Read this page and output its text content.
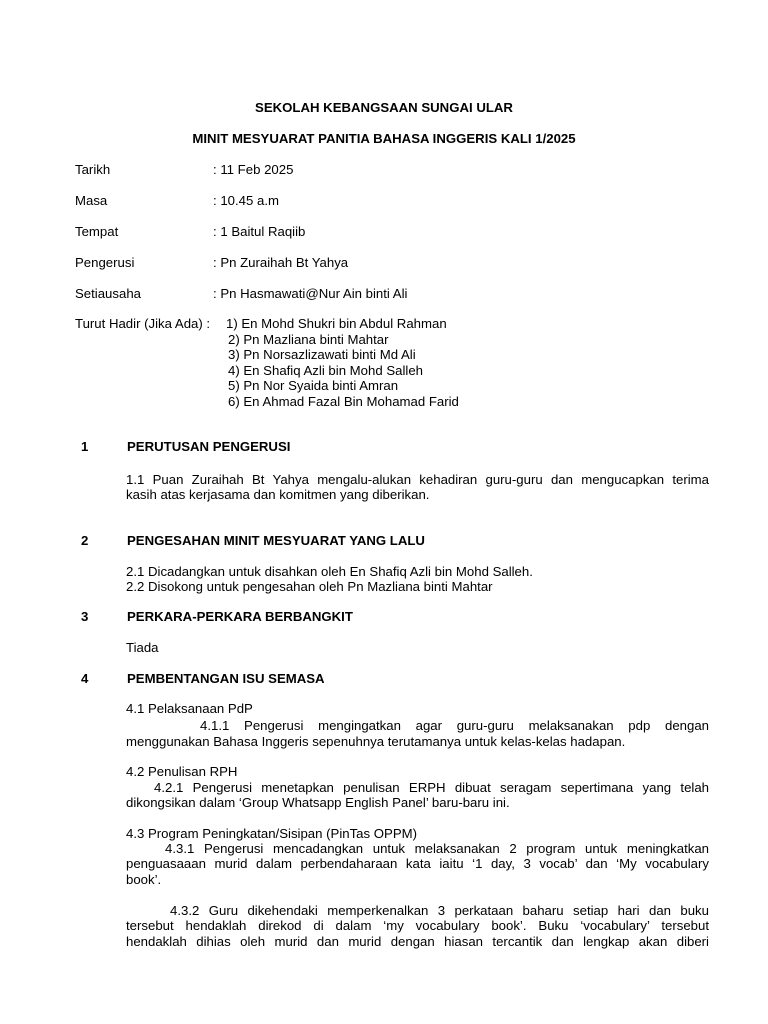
SEKOLAH KEBANGSAAN SUNGAI ULAR
MINIT MESYUARAT PANITIA BAHASA INGGERIS KALI 1/2025
Tarikh	: 11 Feb 2025
Masa	: 10.45 a.m
Tempat	: 1 Baitul Raqiib
Pengerusi	: Pn Zuraihah Bt Yahya
Setiausaha	: Pn Hasmawati@Nur Ain binti Ali
Turut Hadir (Jika Ada) : 1) En Mohd Shukri bin Abdul Rahman
2) Pn Mazliana binti Mahtar
3) Pn Norsazlizawati binti Md Ali
4) En Shafiq Azli bin Mohd Salleh
5) Pn Nor Syaida binti Amran
6) En Ahmad Fazal Bin Mohamad Farid
1	PERUTUSAN PENGERUSI
1.1 Puan Zuraihah Bt Yahya mengalu-alukan kehadiran guru-guru dan mengucapkan terima
kasih atas kerjasama dan komitmen yang diberikan.
2	PENGESAHAN MINIT MESYUARAT YANG LALU
2.1 Dicadangkan untuk disahkan oleh En Shafiq Azli bin Mohd Salleh.
2.2 Disokong untuk pengesahan oleh Pn Mazliana binti Mahtar
3	PERKARA-PERKARA BERBANGKIT
Tiada
4	PEMBENTANGAN ISU SEMASA
4.1 Pelaksanaan PdP
4.1.1 Pengerusi mengingatkan agar guru-guru melaksanakan pdp dengan
menggunakan Bahasa Inggeris sepenuhnya terutamanya untuk kelas-kelas hadapan.
4.2 Penulisan RPH
4.2.1 Pengerusi menetapkan penulisan ERPH dibuat seragam sepertimana yang telah
dikongsikan dalam ‘Group Whatsapp English Panel’ baru-baru ini.
4.3 Program Peningkatan/Sisipan (PinTas OPPM)
4.3.1 Pengerusi mencadangkan untuk melaksanakan 2 program untuk meningkatkan
penguasaaan murid dalam perbendaharaan kata iaitu ‘1 day, 3 vocab’ dan ‘My vocabulary
book’.
4.3.2 Guru dikehendaki memperkenalkan 3 perkataan baharu setiap hari dan buku
tersebut hendaklah direkod di dalam ‘my vocabulary book’. Buku ‘vocabulary’ tersebut
hendaklah dihias oleh murid dan murid dengan hiasan tercantik dan lengkap akan diberi
